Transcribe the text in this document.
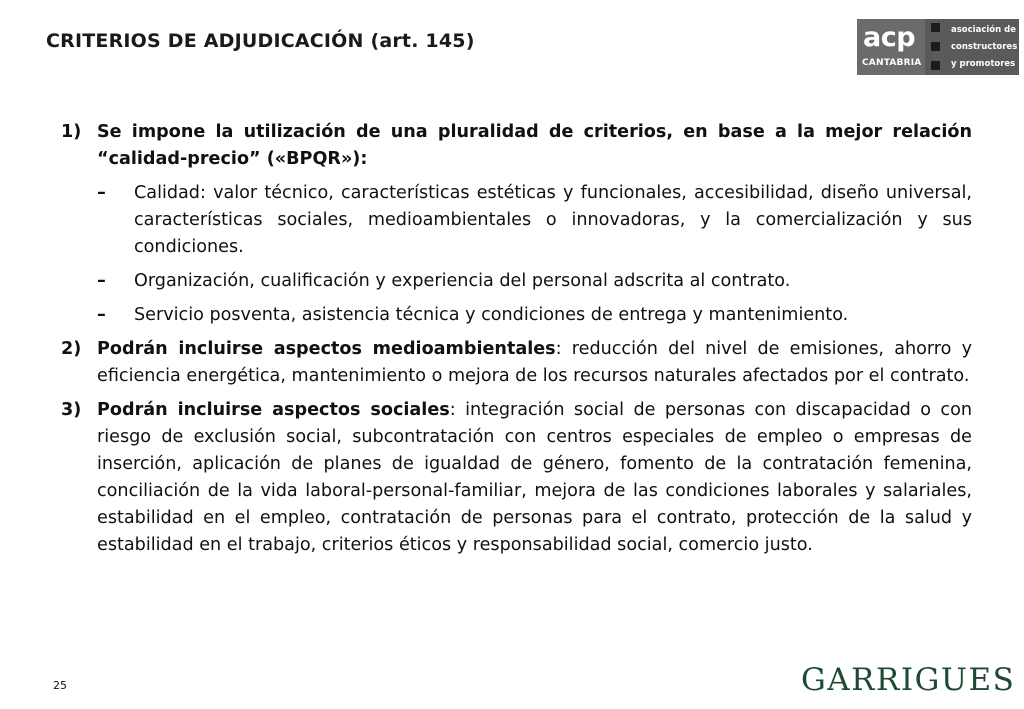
CRITERIOS DE ADJUDICACIÓN (art. 145)	acp
CANTABRIA
asociación de
constructores
y promotores
1) Se impone la utilización de una pluralidad de criterios, en base a la mejor relación “calidad-precio” («BPQR»):
–	Calidad: valor técnico, características estéticas y funcionales, accesibilidad, diseño universal, características sociales, medioambientales o innovadoras, y la comercialización y sus condiciones.
–	Organización, cualificación y experiencia del personal adscrita al contrato.
–	Servicio posventa, asistencia técnica y condiciones de entrega y mantenimiento.
2) Podrán incluirse aspectos medioambientales: reducción del nivel de emisiones, ahorro y eficiencia energética, mantenimiento o mejora de los recursos naturales afectados por el contrato.
3) Podrán incluirse aspectos sociales: integración social de personas con discapacidad o con riesgo de exclusión social, subcontratación con centros especiales de empleo o empresas de inserción, aplicación de planes de igualdad de género, fomento de la contratación femenina, conciliación de la vida laboral-personal-familiar, mejora de las condiciones laborales y salariales, estabilidad en el empleo, contratación de personas para el contrato, protección de la salud y estabilidad en el trabajo, criterios éticos y responsabilidad social, comercio justo.
25	GARRIGUES
